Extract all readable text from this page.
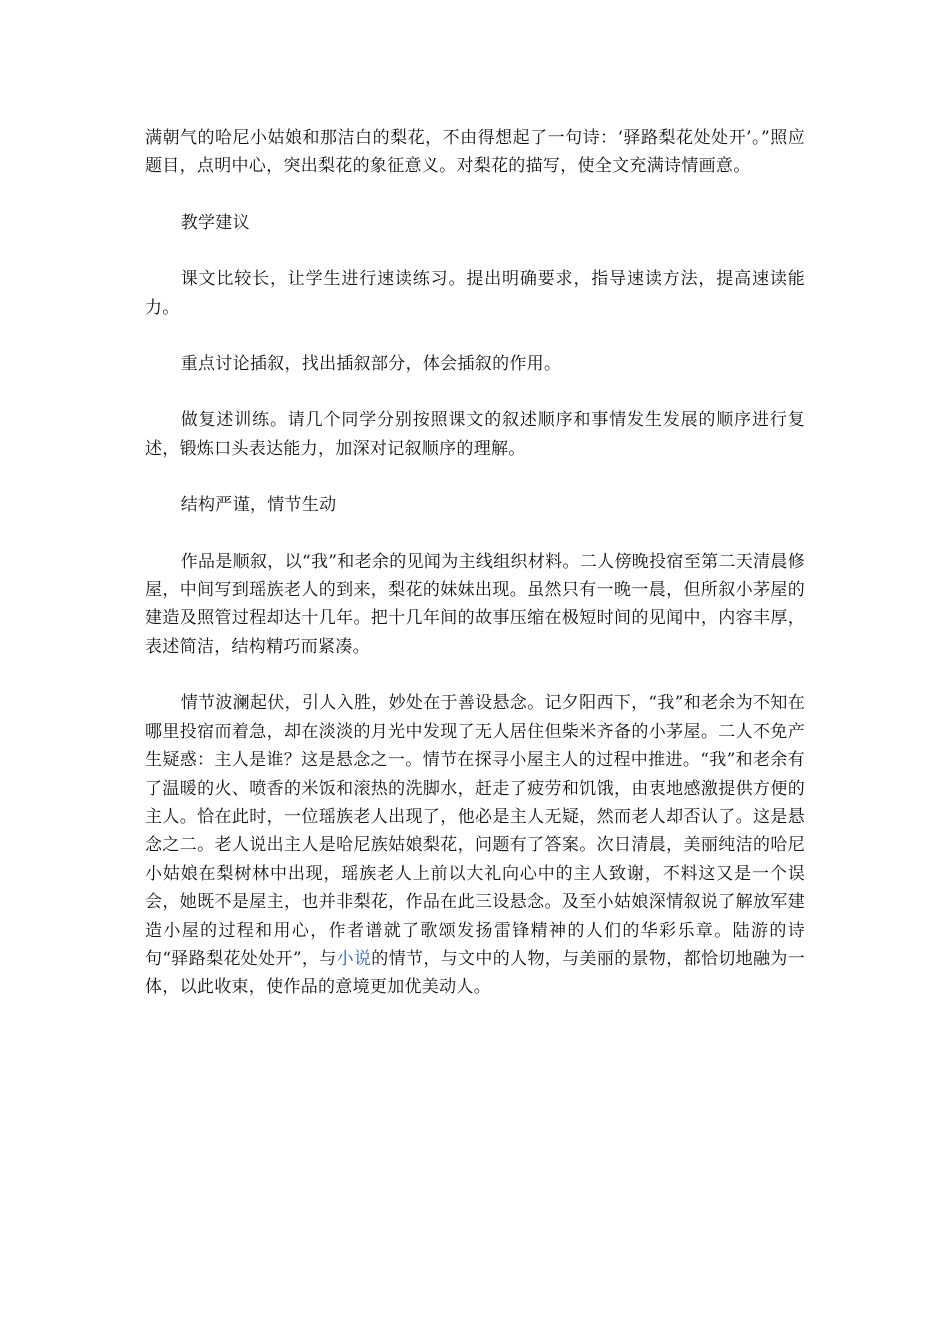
满朝气的哈尼小姑娘和那洁白的梨花，不由得想起了一句诗：‘驿路梨花处处开’。”照应题目，点明中心，突出梨花的象征意义。对梨花的描写，使全文充满诗情画意。

教学建议

课文比较长，让学生进行速读练习。提出明确要求，指导速读方法，提高速读能力。

重点讨论插叙，找出插叙部分，体会插叙的作用。

做复述训练。请几个同学分别按照课文的叙述顺序和事情发生发展的顺序进行复述，锻炼口头表达能力，加深对记叙顺序的理解。

结构严谨，情节生动

作品是顺叙，以“我”和老余的见闻为主线组织材料。二人傍晚投宿至第二天清晨修屋，中间写到瑶族老人的到来，梨花的妹妹出现。虽然只有一晚一晨，但所叙小茅屋的建造及照管过程却达十几年。把十几年间的故事压缩在极短时间的见闻中，内容丰厚，表述简洁，结构精巧而紧凑。

情节波澜起伏，引人入胜，妙处在于善设悬念。记夕阳西下，“我”和老余为不知在哪里投宿而着急，却在淡淡的月光中发现了无人居住但柴米齐备的小茅屋。二人不免产生疑惑：主人是谁？这是悬念之一。情节在探寻小屋主人的过程中推进。“我”和老余有了温暖的火、喷香的米饭和滚热的洗脚水，赶走了疲劳和饥饿，由衷地感激提供方便的主人。恰在此时，一位瑶族老人出现了，他必是主人无疑，然而老人却否认了。这是悬念之二。老人说出主人是哈尼族姑娘梨花，问题有了答案。次日清晨，美丽纯洁的哈尼小姑娘在梨树林中出现，瑶族老人上前以大礼向心中的主人致谢，不料这又是一个误会，她既不是屋主，也并非梨花，作品在此三设悬念。及至小姑娘深情叙说了解放军建造小屋的过程和用心，作者谱就了歌颂发扬雷锋精神的人们的华彩乐章。陆游的诗句“驿路梨花处处开”，与小说的情节，与文中的人物，与美丽的景物，都恰切地融为一体，以此收束，使作品的意境更加优美动人。
